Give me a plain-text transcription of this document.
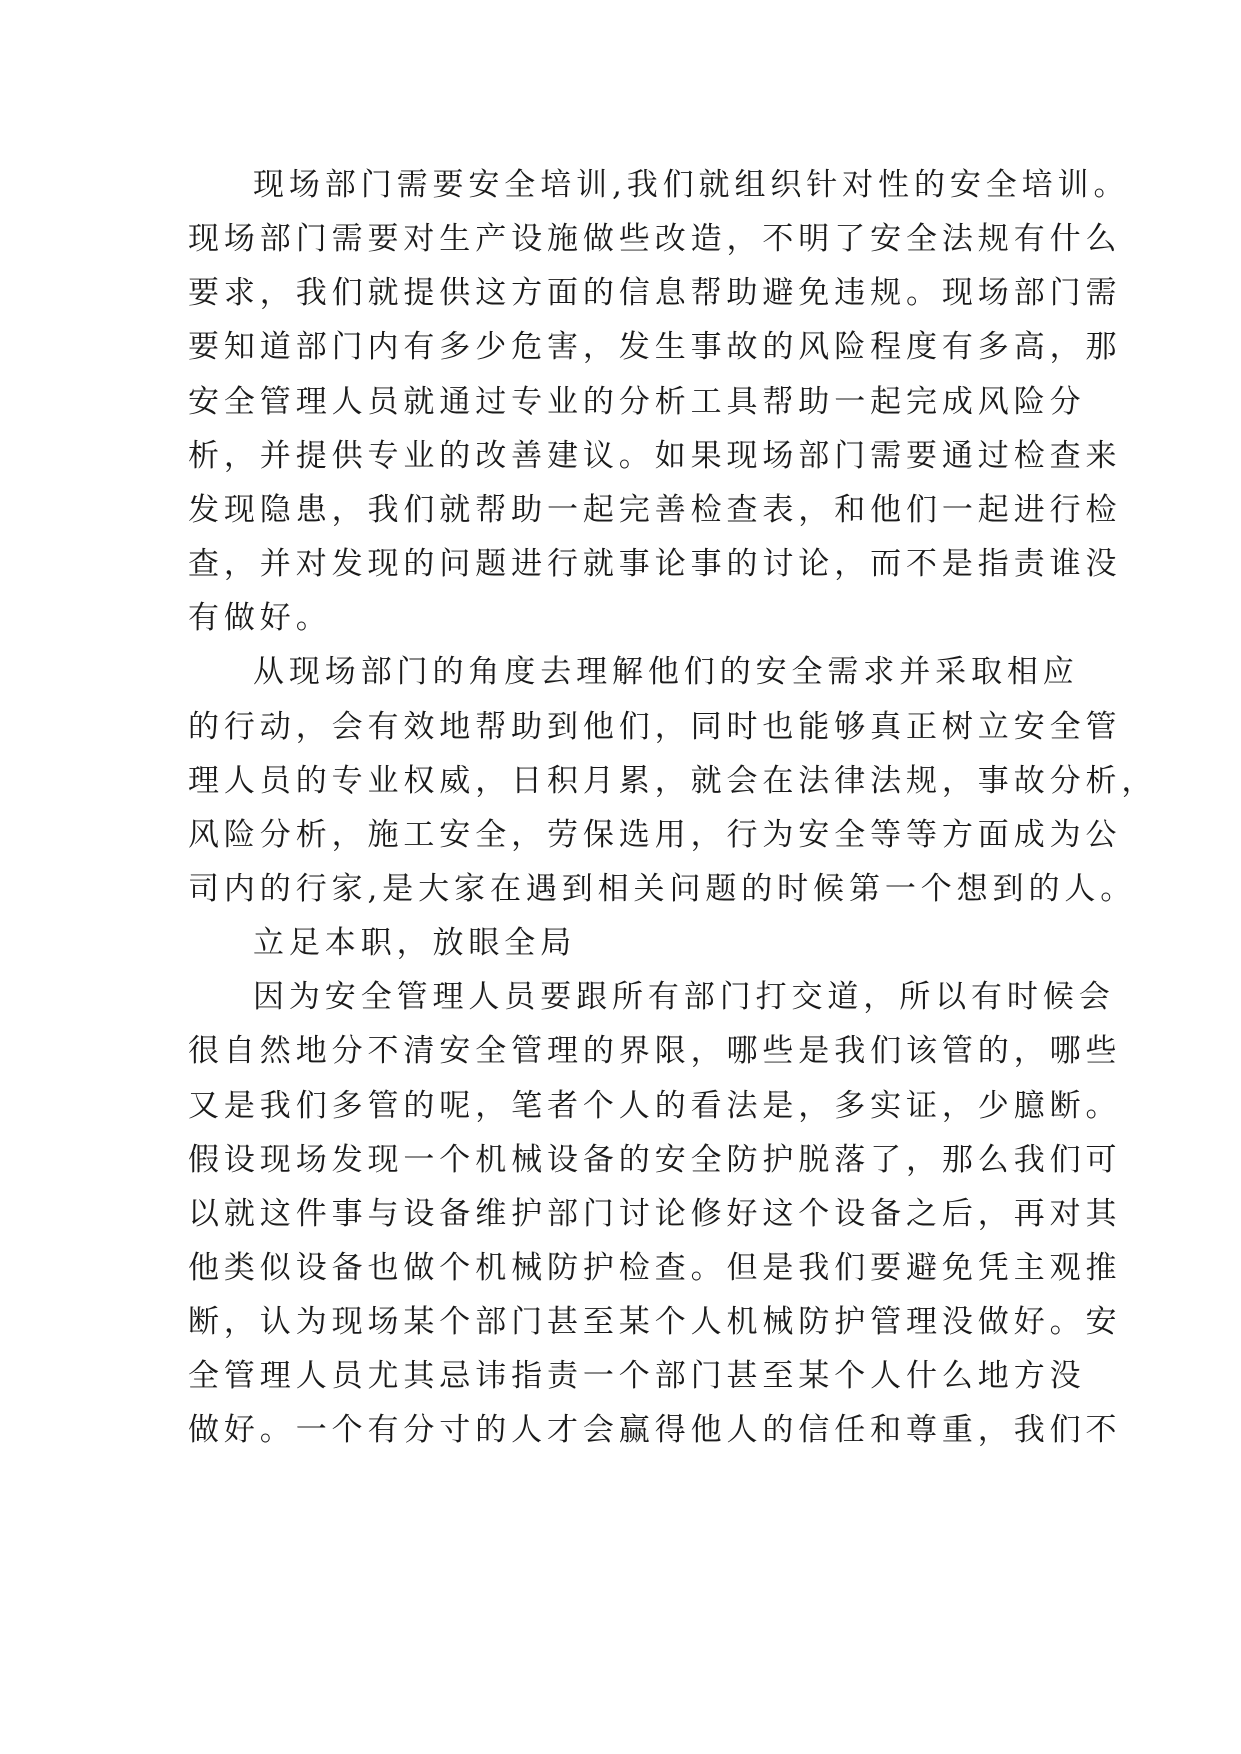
现场部门需要安全培训,我们就组织针对性的安全培训。

现场部门需要对生产设施做些改造，不明了安全法规有什么

要求，我们就提供这方面的信息帮助避免违规。现场部门需

要知道部门内有多少危害，发生事故的风险程度有多高，那

安全管理人员就通过专业的分析工具帮助一起完成风险分

析，并提供专业的改善建议。如果现场部门需要通过检查来

发现隐患，我们就帮助一起完善检查表，和他们一起进行检

查，并对发现的问题进行就事论事的讨论，而不是指责谁没

有做好。

从现场部门的角度去理解他们的安全需求并采取相应

的行动，会有效地帮助到他们，同时也能够真正树立安全管

理人员的专业权威，日积月累，就会在法律法规，事故分析，

风险分析，施工安全，劳保选用，行为安全等等方面成为公

司内的行家,是大家在遇到相关问题的时候第一个想到的人。

立足本职，放眼全局

因为安全管理人员要跟所有部门打交道，所以有时候会

很自然地分不清安全管理的界限，哪些是我们该管的，哪些

又是我们多管的呢，笔者个人的看法是，多实证，少臆断。

假设现场发现一个机械设备的安全防护脱落了，那么我们可

以就这件事与设备维护部门讨论修好这个设备之后，再对其

他类似设备也做个机械防护检查。但是我们要避免凭主观推

断，认为现场某个部门甚至某个人机械防护管理没做好。安

全管理人员尤其忌讳指责一个部门甚至某个人什么地方没

做好。一个有分寸的人才会赢得他人的信任和尊重，我们不
